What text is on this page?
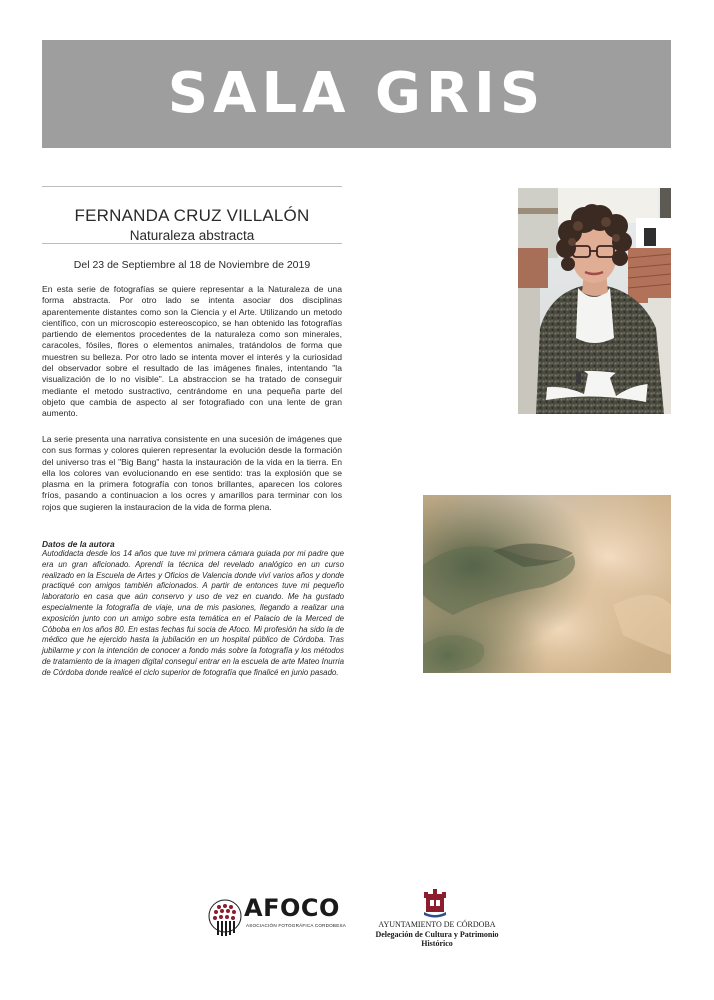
SALA GRIS
FERNANDA CRUZ VILLALÓN
Naturaleza abstracta
Del 23 de Septiembre al 18 de Noviembre de 2019

En esta serie de fotografías se quiere representar a la Naturaleza de una forma abstracta. Por otro lado se intenta asociar dos disciplinas aparentemente distantes como son la Ciencia y el Arte. Utilizando un metodo científico, con un microscopio estereoscopico, se han obtenido las fotografías partiendo de elementos procedentes de la naturaleza como son minerales, caracoles, fósiles, flores o elementos animales, tratándolos de forma que muestren su belleza. Por otro lado se intenta mover el interés y la curiosidad del observador sobre el resultado de las imágenes finales, intentando "la visualización de lo no visible". La abstraccion se ha tratado de conseguir mediante el metodo sustractivo, centrándome en una pequeña parte del objeto que cambia de aspecto al ser fotografiado con una lente de gran aumento.

La serie presenta una narrativa consistente en una sucesión de imágenes que con sus formas y colores quieren representar la evolución desde la formación del universo tras el "Big Bang" hasta la instauración de la vida en la tierra. En ella los colores van evolucionando en ese sentido: tras la explosión que se plasma en la primera fotografía con tonos brillantes, aparecen los colores fríos, pasando a continuacion a los ocres y amarillos para terminar con los rojos que sugieren la instauracion de la vida de forma plena.

Datos de la autora

Autodidacta desde los 14 años que tuve mi primera cámara guiada por mi padre que era un gran aficionado. Aprendí la técnica del revelado analógico en un curso realizado en la Escuela de Artes y Oficios de Valencia donde viví varios años y donde practiqué con amigos también aficionados. A partir de entonces tuve mi pequeño laboratorio en casa que aún conservo y uso de vez en cuando. Me ha gustado especialmente la fotografía de viaje, una de mis pasiones, llegando a realizar una exposición junto con un amigo sobre esta temática en el Palacio de la Merced de Cóboba en los años 80. En estas fechas fui socia de Afoco. Mi profesión ha sido la de médico que he ejercido hasta la jubilación en un hospital público de Córdoba. Tras jubilarme y con la intención de conocer a fondo más sobre la fotografía y los métodos de tratamiento de la imagen digital conseguí entrar en la escuela de arte Mateo Inurria de Córdoba donde realicé el ciclo superior de fotografía que finalicé en junio pasado.

AFOCO
ASOCIACIÓN FOTOGRÁFICA CORDOBESA	AYUNTAMIENTO DE CÓRDOBA
Delegación de Cultura y Patrimonio Histórico
